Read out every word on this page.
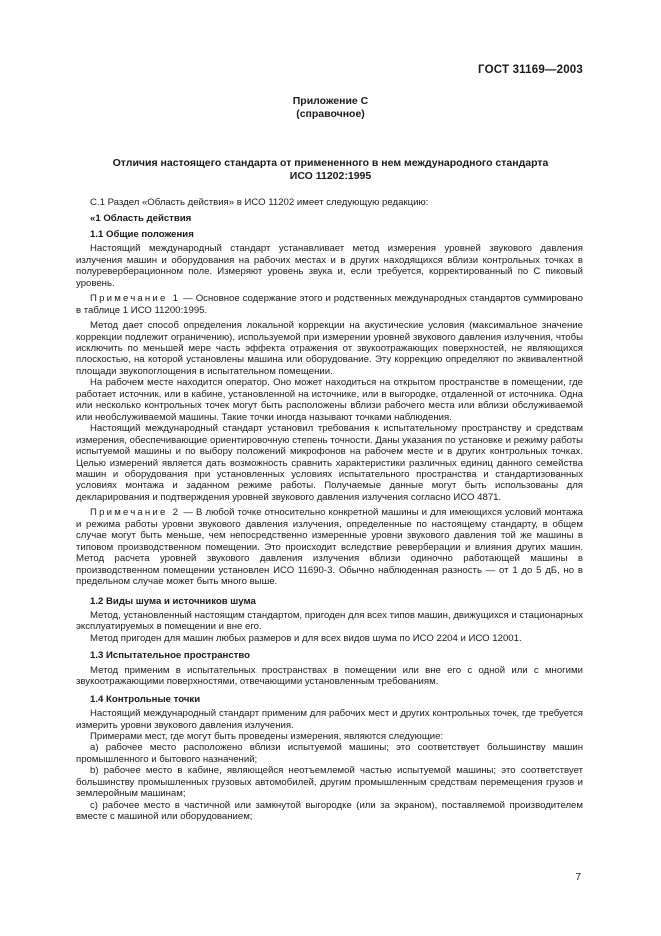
ГОСТ 31169—2003
Приложение С
(справочное)
Отличия настоящего стандарта от примененного в нем международного стандарта
ИСО 11202:1995

С.1 Раздел «Область действия» в ИСО 11202 имеет следующую редакцию:

«1 Область действия

1.1 Общие положения

Настоящий международный стандарт устанавливает метод измерения уровней звукового давления излучения машин и оборудования на рабочих местах и в других находящихся вблизи контрольных точках в полуреверберационном поле. Измеряют уровень звука и, если требуется, корректированный по С пиковый уровень.

Примечание 1 — Основное содержание этого и родственных международных стандартов суммировано в таблице 1 ИСО 11200:1995.

Метод дает способ определения локальной коррекции на акустические условия (максимальное значение коррекции подлежит ограничению), используемой при измерении уровней звукового давления излучения, чтобы исключить по меньшей мере часть эффекта отражения от звукоотражающих поверхностей, не являющихся плоскостью, на которой установлены машина или оборудование. Эту коррекцию определяют по эквивалентной площади звукопоглощения в испытательном помещении.

На рабочем месте находится оператор. Оно может находиться на открытом пространстве в помещении, где работает источник, или в кабине, установленной на источнике, или в выгородке, отдаленной от источника. Одна или несколько контрольных точек могут быть расположены вблизи рабочего места или вблизи обслуживаемой или необслуживаемой машины. Такие точки иногда называют точками наблюдения.

Настоящий международный стандарт установил требования к испытательному пространству и средствам измерения, обеспечивающие ориентировочную степень точности. Даны указания по установке и режиму работы испытуемой машины и по выбору положений микрофонов на рабочем месте и в других контрольных точках. Целью измерений является дать возможность сравнить характеристики различных единиц данного семейства машин и оборудования при установленных условиях испытательного пространства и стандартизованных условиях монтажа и заданном режиме работы. Получаемые данные могут быть использованы для декларирования и подтверждения уровней звукового давления излучения согласно ИСО 4871.

Примечание 2 — В любой точке относительно конкретной машины и для имеющихся условий монтажа и режима работы уровни звукового давления излучения, определенные по настоящему стандарту, в общем случае могут быть меньше, чем непосредственно измеренные уровни звукового давления той же машины в типовом производственном помещении. Это происходит вследствие реверберации и влияния других машин. Метод расчета уровней звукового давления излучения вблизи одиночно работающей машины в производственном помещении установлен ИСО 11690-3. Обычно наблюденная разность — от 1 до 5 дБ, но в предельном случае может быть много выше.

1.2 Виды шума и источников шума

Метод, установленный настоящим стандартом, пригоден для всех типов машин, движущихся и стационарных эксплуатируемых в помещении и вне его.

Метод пригоден для машин любых размеров и для всех видов шума по ИСО 2204 и ИСО 12001.

1.3 Испытательное пространство

Метод применим в испытательных пространствах в помещении или вне его с одной или с многими звукоотражающими поверхностями, отвечающими установленным требованиям.

1.4 Контрольные точки

Настоящий международный стандарт применим для рабочих мест и других контрольных точек, где требуется измерить уровни звукового давления излучения.

Примерами мест, где могут быть проведены измерения, являются следующие:

а) рабочее место расположено вблизи испытуемой машины; это соответствует большинству машин промышленного и бытового назначений;

b) рабочее место в кабине, являющейся неотъемлемой частью испытуемой машины; это соответствует большинству промышленных грузовых автомобилей, другим промышленным средствам перемещения грузов и землеройным машинам;

с) рабочее место в частичной или замкнутой выгородке (или за экраном), поставляемой производителем вместе с машиной или оборудованием;

7
